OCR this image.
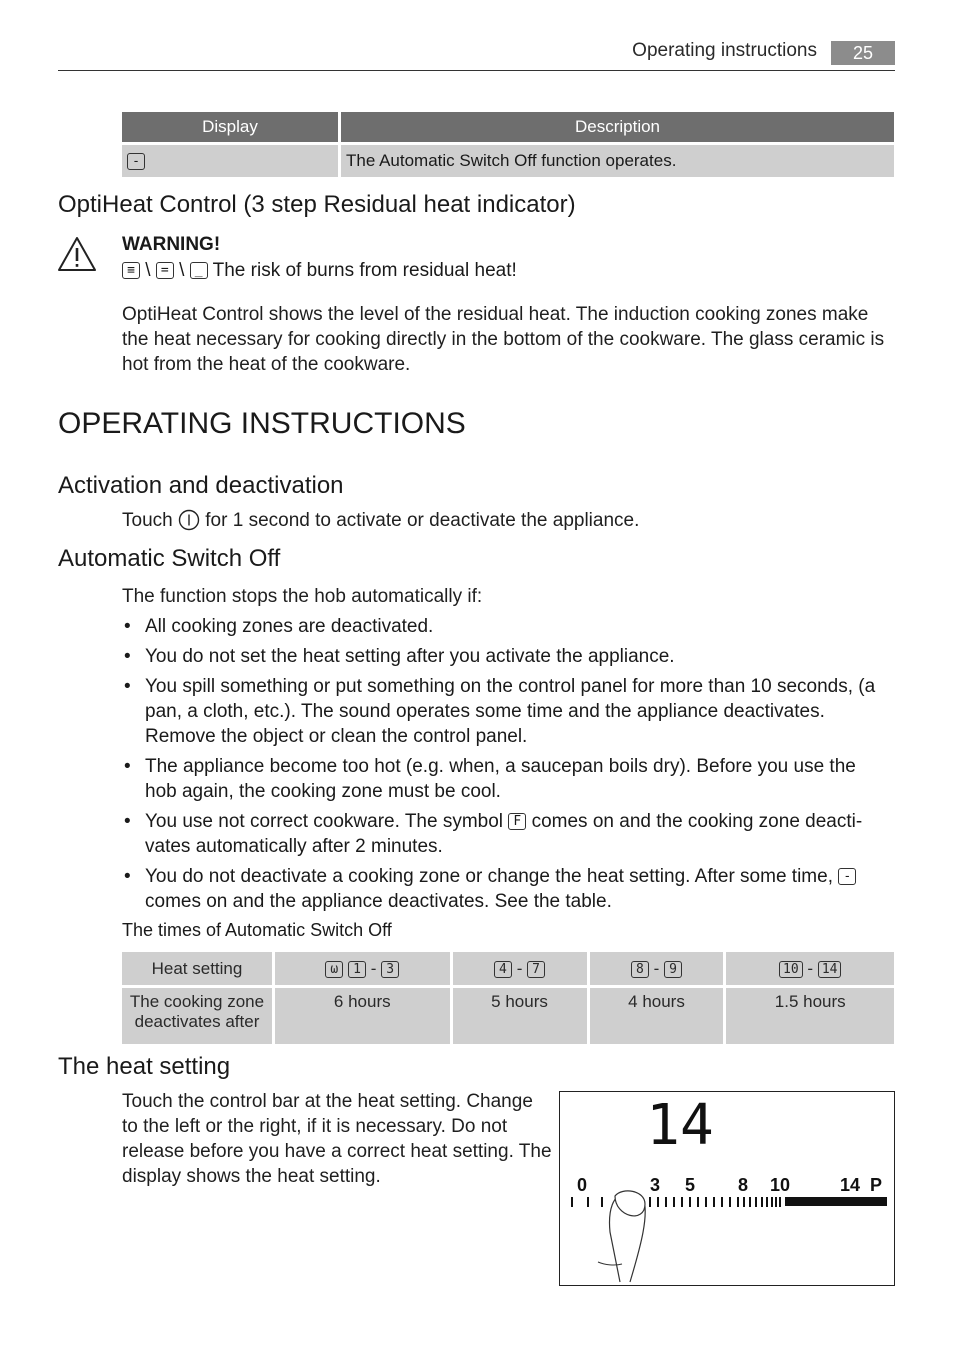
Operating instructions	25
Display	Description
-	The Automatic Switch Off function operates.
OptiHeat Control (3 step Residual heat indicator)
WARNING!
≡ \ = \ _ The risk of burns from residual heat!
OptiHeat Control shows the level of the residual heat. The induction cooking zones make the heat necessary for cooking directly in the bottom of the cookware. The glass ceramic is hot from the heat of the cookware.
OPERATING INSTRUCTIONS
Activation and deactivation
Touch for 1 second to activate or deactivate the appliance.
Automatic Switch Off
The function stops the hob automatically if:
• All cooking zones are deactivated.
• You do not set the heat setting after you activate the appliance.
• You spill something or put something on the control panel for more than 10 seconds, (a pan, a cloth, etc.). The sound operates some time and the appliance deactivates. Remove the object or clean the control panel.
• The appliance become too hot (e.g. when, a saucepan boils dry). Before you use the hob again, the cooking zone must be cool.
• You use not correct cookware. The symbol F comes on and the cooking zone deactivates automatically after 2 minutes.
• You do not deactivate a cooking zone or change the heat setting. After some time, - comes on and the appliance deactivates. See the table.
The times of Automatic Switch Off
Heat setting	ω 1 - 3	4 - 7	8 - 9	10 - 14
The cooking zone deactivates after	6 hours	5 hours	4 hours	1.5 hours
The heat setting
Touch the control bar at the heat setting. Change to the left or the right, if it is necessary. Do not release before you have a correct heat setting. The display shows the heat setting.
14
0	3 5 8 10	14 P
